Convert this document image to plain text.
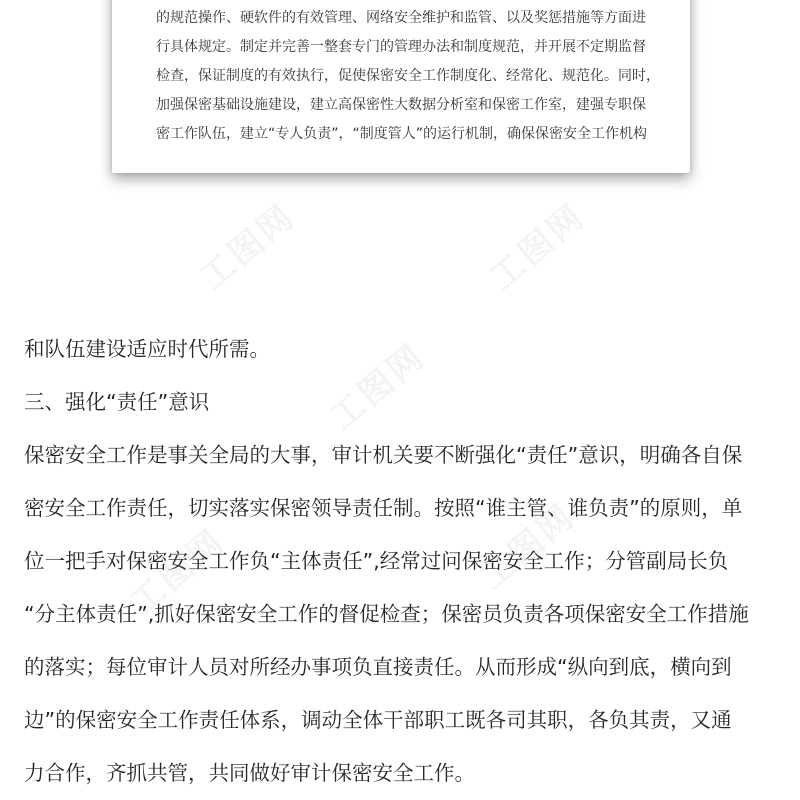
的规范操作、硬软件的有效管理、网络安全维护和监管、以及奖惩措施等方面进
行具体规定。制定并完善一整套专门的管理办法和制度规范，并开展不定期监督
检查，保证制度的有效执行，促使保密安全工作制度化、经常化、规范化。同时，
加强保密基础设施建设，建立高保密性大数据分析室和保密工作室，建强专职保
密工作队伍，建立“专人负责”，“制度管人”的运行机制，确保保密安全工作机构
和队伍建设适应时代所需。
三、强化“责任”意识
保密安全工作是事关全局的大事，审计机关要不断强化“责任”意识，明确各自保
密安全工作责任，切实落实保密领导责任制。按照“谁主管、谁负责”的原则，单
位一把手对保密安全工作负“主体责任”,经常过问保密安全工作；分管副局长负
“分主体责任”,抓好保密安全工作的督促检查；保密员负责各项保密安全工作措施
的落实；每位审计人员对所经办事项负直接责任。从而形成“纵向到底，横向到
边”的保密安全工作责任体系，调动全体干部职工既各司其职，各负其责，又通
力合作，齐抓共管，共同做好审计保密安全工作。
工图网	工图网
工图网
工图网	工图网
